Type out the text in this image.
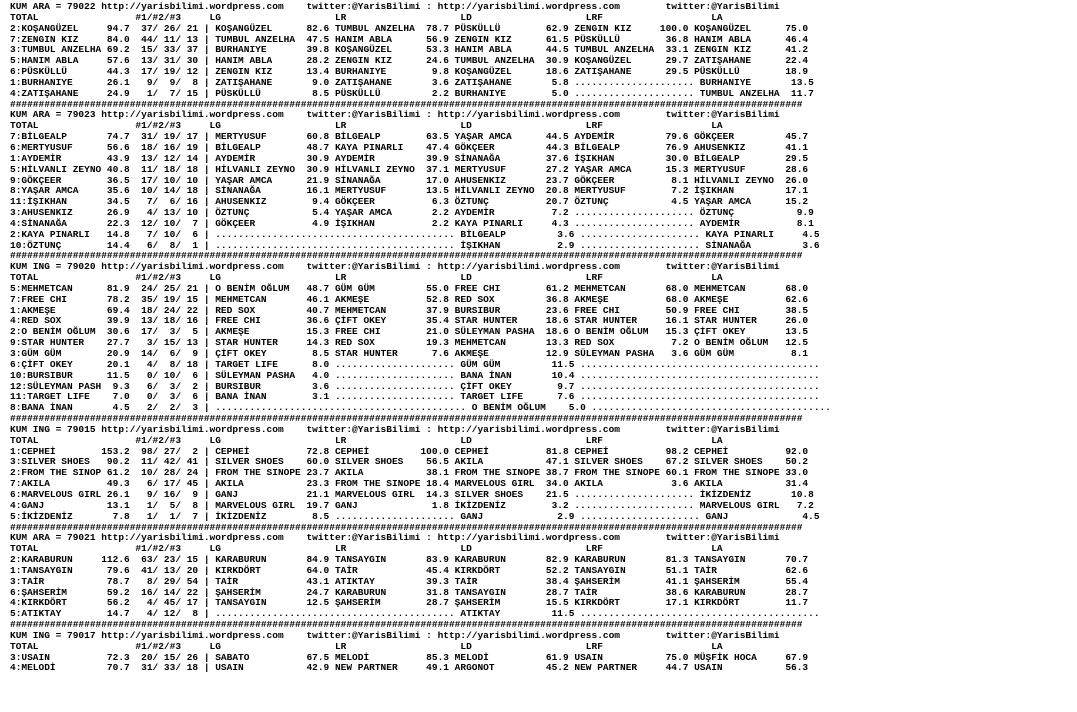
KUM ARA = 79022 http://yarisbilimi.wordpress.com    twitter:@YarisBilimi : http://yarisbilimi.wordpress.com        twitter:@YarisBilimi
TOTAL                 #1/#2/#3     LG                    LR                    LD                    LRF                   LA
2:KOŞANGÜZEL     94.7  37/ 26/ 21 | KOŞANGÜZEL      82.6 TUMBUL ANZELHA  78.7 PÜSKÜLLÜ        62.9 ZENGIN KIZ     100.0 KOŞANGÜZEL      75.0
7:ZENGIN KIZ     84.0  44/ 11/ 13 | TUMBUL ANZELHA  47.5 HANIM ABLA      56.9 ZENGIN KIZ      61.5 PÜSKÜLLÜ        36.8 HANIM ABLA      46.4
3:TUMBUL ANZELHA 69.2  15/ 33/ 37 | BURHANIYE       39.8 KOŞANGÜZEL      53.3 HANIM ABLA      44.5 TUMBUL ANZELHA  33.1 ZENGIN KIZ      41.2
5:HANIM ABLA     57.6  13/ 31/ 30 | HANIM ABLA      28.2 ZENGIN KIZ      24.6 TUMBUL ANZELHA  30.9 KOŞANGÜZEL      29.7 ZATIŞAHANE      22.4
6:PÜSKÜLLÜ       44.3  17/ 19/ 12 | ZENGIN KIZ      13.4 BURHANIYE        9.8 KOŞANGÜZEL      18.6 ZATIŞAHANE      29.5 PÜSKÜLLÜ        18.9
1:BURHANIYE      26.1   9/  9/  8 | ZATIŞAHANE       9.0 ZATIŞAHANE       3.6 ZATIŞAHANE       5.8 ..................... BURHANIYE       13.5
4:ZATIŞAHANE     24.9   1/  7/ 15 | PÜSKÜLLÜ         8.5 PÜSKÜLLÜ         2.2 BURHANIYE        5.0 ..................... TUMBUL ANZELHA  11.7
###########################################################################################################################################
KUM ARA = 79023 http://yarisbilimi.wordpress.com    twitter:@YarisBilimi : http://yarisbilimi.wordpress.com        twitter:@YarisBilimi
TOTAL                 #1/#2/#3     LG                    LR                    LD                    LRF                   LA
7:BİLGEALP       74.7  31/ 19/ 17 | MERTYUSUF       60.8 BİLGEALP        63.5 YAŞAR AMCA      44.5 AYDEMİR         79.6 GÖKÇEER         45.7
6:MERTYUSUF      56.6  18/ 16/ 19 | BİLGEALP        48.7 KAYA PINARLI    47.4 GÖKÇEER         44.3 BİLGEALP        76.9 AHUSENKIZ       41.1
1:AYDEMİR        43.9  13/ 12/ 14 | AYDEMİR         30.9 AYDEMİR         39.9 SİNANAĞA        37.6 İŞIKHAN         30.0 BİLGEALP        29.5
5:HİLVANLI ZEYNO 40.8  11/ 18/ 18 | HİLVANLI ZEYNO  30.9 HİLVANLI ZEYNO  37.1 MERTYUSUF       27.2 YAŞAR AMCA      15.3 MERTYUSUF       28.6
9:GÖKÇEER        36.5  17/ 10/ 10 | YAŞAR AMCA      21.9 SİNANAĞA        17.0 AHUSENKIZ       23.7 GÖKÇEER          8.1 HİLVANLI ZEYNO  26.0
8:YAŞAR AMCA     35.6  10/ 14/ 18 | SİNANAĞA        16.1 MERTYUSUF       13.5 HİLVANLI ZEYNO  20.8 MERTYUSUF        7.2 İŞIKHAN         17.1
11:İŞIKHAN       34.5   7/  6/ 16 | AHUSENKIZ        9.4 GÖKÇEER          6.3 ÖZTUNÇ          20.7 ÖZTUNÇ           4.5 YAŞAR AMCA      15.2
3:AHUSENKIZ      26.9   4/ 13/ 10 | ÖZTUNÇ           5.4 YAŞAR AMCA       2.2 AYDEMİR          7.2 ..................... ÖZTUNÇ           9.9
4:SİNANAĞA       22.3  12/ 10/  7 | GÖKÇEER          4.9 İŞIKHAN          2.2 KAYA PINARLI     4.3 ..................... AYDEMİR          8.1
2:KAYA PINARLI   14.8   7/ 10/  6 | .......................................... BİLGEALP         3.6 ..................... KAYA PINARLI     4.5
10:ÖZTUNÇ        14.4   6/  8/  1 | .......................................... İŞIKHAN          2.9 ..................... SİNANAĞA         3.6
###########################################################################################################################################
KUM ING = 79020 http://yarisbilimi.wordpress.com    twitter:@YarisBilimi : http://yarisbilimi.wordpress.com        twitter:@YarisBilimi
TOTAL                 #1/#2/#3     LG                    LR                    LD                    LRF                   LA
5:MEHMETCAN      81.9  24/ 25/ 21 | O BENİM OĞLUM   48.7 GÜM GÜM         55.0 FREE CHI        61.2 MEHMETCAN       68.0 MEHMETCAN       68.0
7:FREE CHI       78.2  35/ 19/ 15 | MEHMETCAN       46.1 AKMEŞE          52.8 RED SOX         36.8 AKMEŞE          68.0 AKMEŞE          62.6
1:AKMEŞE         69.4  18/ 24/ 22 | RED SOX         40.7 MEHMETCAN       37.9 BURSIBUR        23.6 FREE CHI        50.9 FREE CHI        38.5
4:RED SOX        39.9  13/ 18/ 16 | FREE CHI        36.6 ÇİFT OKEY       35.4 STAR HUNTER     18.6 STAR HUNTER     16.1 STAR HUNTER     26.0
2:O BENİM OĞLUM  30.6  17/  3/  5 | AKMEŞE          15.3 FREE CHI        21.0 SÜLEYMAN PASHA  18.6 O BENİM OĞLUM   15.3 ÇİFT OKEY       13.5
9:STAR HUNTER    27.7   3/ 15/ 13 | STAR HUNTER     14.3 RED SOX         19.3 MEHMETCAN       13.3 RED SOX          7.2 O BENİM OĞLUM   12.5
3:GÜM GÜM        20.9  14/  6/  9 | ÇİFT OKEY        8.5 STAR HUNTER      7.6 AKMEŞE          12.9 SÜLEYMAN PASHA   3.6 GÜM GÜM          8.1
6:ÇİFT OKEY      20.1   4/  8/ 18 | TARGET LIFE      8.0 ..................... GÜM GÜM         11.5 ..........................................
10:BURSIBUR      11.5   0/ 10/  6 | SÜLEYMAN PASHA   4.0 ..................... BANA İNAN       10.4 ..........................................
12:SÜLEYMAN PASH  9.3   6/  3/  2 | BURSIBUR         3.6 ..................... ÇİFT OKEY        9.7 ..........................................
11:TARGET LIFE    7.0   0/  3/  6 | BANA İNAN        3.1 ..................... TARGET LIFE      7.6 ..........................................
8:BANA İNAN       4.5   2/  2/  3 | ............................................ O BENİM OĞLUM    5.0 ..........................................
###########################################################################################################################################
KUM ING = 79015 http://yarisbilimi.wordpress.com    twitter:@YarisBilimi : http://yarisbilimi.wordpress.com        twitter:@YarisBilimi
TOTAL                 #1/#2/#3     LG                    LR                    LD                    LRF                   LA
1:CEPHEİ        153.2  98/ 27/  2 | CEPHEİ          72.8 CEPHEİ         100.0 CEPHEİ          81.8 CEPHEİ          98.2 CEPHEİ          92.0
3:SILVER SHOES   90.2  11/ 42/ 41 | SILVER SHOES    60.0 SILVER SHOES    56.5 AKILA           47.1 SILVER SHOES    67.2 SILVER SHOES    50.2
2:FROM THE SINOP 61.2  10/ 28/ 24 | FROM THE SINOPE 23.7 AKILA           38.1 FROM THE SINOPE 38.7 FROM THE SINOPE 60.1 FROM THE SINOPE 33.0
7:AKILA          49.3   6/ 17/ 45 | AKILA           23.3 FROM THE SINOPE 18.4 MARVELOUS GIRL  34.0 AKILA            3.6 AKILA           31.4
6:MARVELOUS GIRL 26.1   9/ 16/  9 | GANJ            21.1 MARVELOUS GIRL  14.3 SILVER SHOES    21.5 ..................... İKİZDENİZ       10.8
4:GANJ           13.1   1/  5/  8 | MARVELOUS GIRL  19.7 GANJ             1.8 İKİZDENİZ        3.2 ..................... MARVELOUS GIRL   7.2
5:İKİZDENİZ       7.8   1/  1/  7 | İKİZDENİZ        8.5 ..................... GANJ             2.9 ..................... GANJ             4.5
###########################################################################################################################################
KUM ARA = 79021 http://yarisbilimi.wordpress.com    twitter:@YarisBilimi : http://yarisbilimi.wordpress.com        twitter:@YarisBilimi
TOTAL                 #1/#2/#3     LG                    LR                    LD                    LRF                   LA
2:KARABURUN     112.6  63/ 23/ 15 | KARABURUN       84.9 TANSAYGIN       83.9 KARABURUN       82.9 KARABURUN       81.3 TANSAYGIN       70.7
1:TANSAYGIN      79.6  41/ 13/ 20 | KIRKDÖRT        64.0 TAİR            45.4 KIRKDÖRT        52.2 TANSAYGIN       51.1 TAİR            62.6
3:TAİR           78.7   8/ 29/ 54 | TAİR            43.1 ATIKTAY         39.3 TAİR            38.4 ŞAHSERİM        41.1 ŞAHSERİM        55.4
6:ŞAHSERİM       59.2  16/ 14/ 22 | ŞAHSERİM        24.7 KARABURUN       31.8 TANSAYGIN       28.7 TAİR            38.6 KARABURUN       28.7
4:KIRKDÖRT       56.2   4/ 45/ 17 | TANSAYGIN       12.5 ŞAHSERİM        28.7 ŞAHSERİM        15.5 KIRKDÖRT        17.1 KIRKDÖRT        11.7
5:ATIKTAY        14.7   4/ 12/  8 | .......................................... ATIKTAY         11.5 ..........................................
###########################################################################################################################################
KUM ING = 79017 http://yarisbilimi.wordpress.com    twitter:@YarisBilimi : http://yarisbilimi.wordpress.com        twitter:@YarisBilimi
TOTAL                 #1/#2/#3     LG                    LR                    LD                    LRF                   LA
3:USAIN          72.3  20/ 15/ 26 | SABATO          67.5 MELODİ          85.3 MELODİ          61.9 USAIN           75.0 MÜŞFİK HOCA     67.9
4:MELODİ         70.7  31/ 33/ 18 | USAIN           42.9 NEW PARTNER     49.1 ARGONOT         45.2 NEW PARTNER     44.7 USAIN           56.3
